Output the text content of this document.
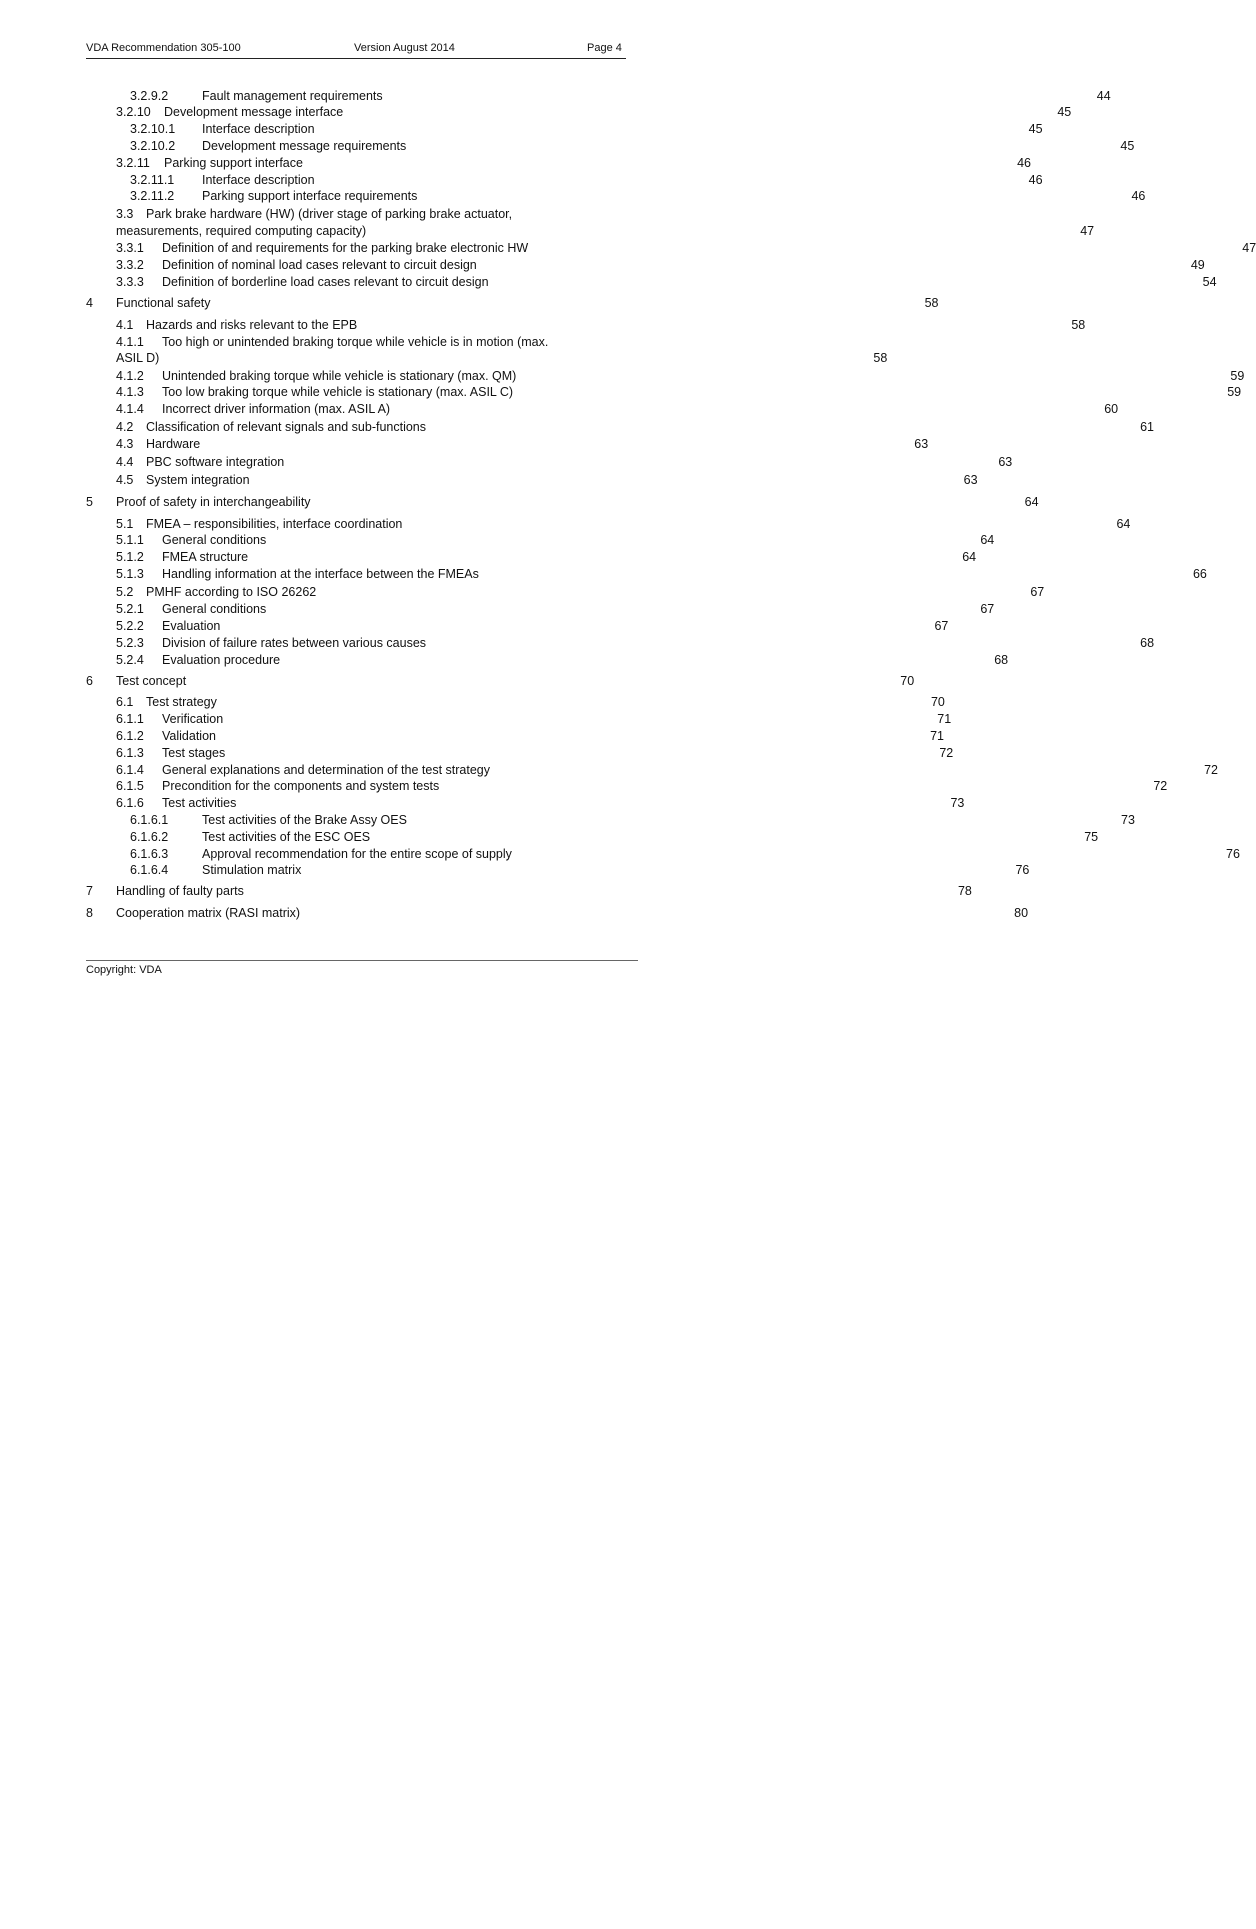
VDA Recommendation 305-100	Version August 2014	Page 4
3.2.9.2	Fault management requirements	44
3.2.10	Development message interface	45
3.2.10.1	Interface description	45
3.2.10.2	Development message requirements	45
3.2.11	Parking support interface	46
3.2.11.1	Interface description	46
3.2.11.2	Parking support interface requirements	46
3.3 Park brake hardware (HW) (driver stage of parking brake actuator,
measurements, required computing capacity)	47
3.3.1	Definition of and requirements for the parking brake electronic HW	47
3.3.2	Definition of nominal load cases relevant to circuit design	49
3.3.3	Definition of borderline load cases relevant to circuit design	54
4	Functional safety	58
4.1	Hazards and risks relevant to the EPB	58
4.1.1 Too high or unintended braking torque while vehicle is in motion (max.
ASIL D)	58
4.1.2	Unintended braking torque while vehicle is stationary (max. QM)	59
4.1.3	Too low braking torque while vehicle is stationary (max. ASIL C)	59
4.1.4	Incorrect driver information (max. ASIL A)	60
4.2	Classification of relevant signals and sub-functions	61
4.3	Hardware	63
4.4	PBC software integration	63
4.5	System integration	63
5	Proof of safety in interchangeability	64
5.1	FMEA – responsibilities, interface coordination	64
5.1.1	General conditions	64
5.1.2	FMEA structure	64
5.1.3	Handling information at the interface between the FMEAs	66
5.2	PMHF according to ISO 26262	67
5.2.1	General conditions	67
5.2.2	Evaluation	67
5.2.3	Division of failure rates between various causes	68
5.2.4	Evaluation procedure	68
6	Test concept	70
6.1	Test strategy	70
6.1.1	Verification	71
6.1.2	Validation	71
6.1.3	Test stages	72
6.1.4	General explanations and determination of the test strategy	72
6.1.5	Precondition for the components and system tests	72
6.1.6	Test activities	73
6.1.6.1	Test activities of the Brake Assy OES	73
6.1.6.2	Test activities of the ESC OES	75
6.1.6.3	Approval recommendation for the entire scope of supply	76
6.1.6.4	Stimulation matrix	76
7	Handling of faulty parts	78
8	Cooperation matrix (RASI matrix)	80
Copyright: VDA
